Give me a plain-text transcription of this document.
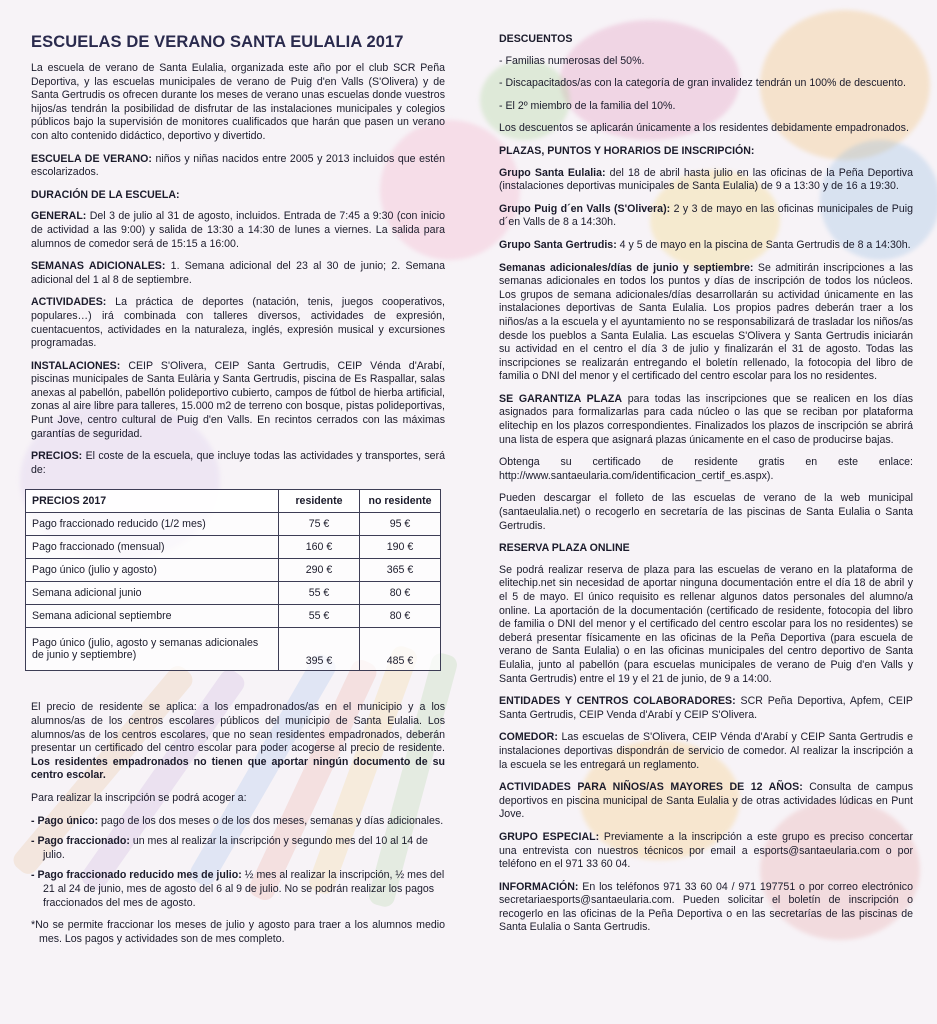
ESCUELAS DE VERANO SANTA EULALIA 2017

La escuela de verano de Santa Eulalia, organizada este año por el club SCR Peña Deportiva, y las escuelas municipales de verano de Puig d'en Valls (S'Olivera) y de Santa Gertrudis os ofrecen durante los meses de verano unas escuelas donde vuestros hijos/as tendrán la posibilidad de disfrutar de las instalaciones municipales y colegios públicos bajo la supervisión de monitores cualificados que harán que pasen un verano con alto contenido didáctico, deportivo y divertido.

ESCUELA DE VERANO: niños y niñas nacidos entre 2005 y 2013 incluidos que estén escolarizados.

DURACIÓN DE LA ESCUELA:

GENERAL: Del 3 de julio al 31 de agosto, incluidos. Entrada de 7:45 a 9:30 (con inicio de actividad a las 9:00) y salida de 13:30 a 14:30 de lunes a viernes. La salida para alumnos de comedor será de 15:15 a 16:00.

SEMANAS ADICIONALES: 1. Semana adicional del 23 al 30 de junio; 2. Semana adicional del 1 al 8 de septiembre.

ACTIVIDADES: La práctica de deportes (natación, tenis, juegos cooperativos, populares…) irá combinada con talleres diversos, actividades de expresión, cuentacuentos, actividades en la naturaleza, inglés, expresión musical y excursiones programadas.

INSTALACIONES: CEIP S'Olivera, CEIP Santa Gertrudis, CEIP Vénda d'Arabí, piscinas municipales de Santa Eulària y Santa Gertrudis, piscina de Es Raspallar, salas anexas al pabellón, pabellón polideportivo cubierto, campos de fútbol de hierba artificial, zonas al aire libre para talleres, 15.000 m2 de terreno con bosque, pistas polideportivas, Punt Jove, centro cultural de Puig d'en Valls. En recintos cerrados con las máximas garantías de seguridad.

PRECIOS: El coste de la escuela, que incluye todas las actividades y transportes, será de:

PRECIOS 2017	residente	no residente
Pago fraccionado reducido (1/2 mes)	75 €	95 €
Pago fraccionado (mensual)	160 €	190 €
Pago único (julio y agosto)	290 €	365 €
Semana adicional junio	55 €	80 €
Semana adicional septiembre	55 €	80 €
Pago único (julio, agosto y semanas adicionales de junio y septiembre)	395 €	485 €

El precio de residente se aplica: a los empadronados/as en el municipio y a los alumnos/as de los centros escolares públicos del municipio de Santa Eulalia. Los alumnos/as de los centros escolares, que no sean residentes empadronados, deberán presentar un certificado del centro escolar para poder acogerse al precio de residente. Los residentes empadronados no tienen que aportar ningún documento de su centro escolar.

Para realizar la inscripción se podrá acoger a:

- Pago único: pago de los dos meses o de los dos meses, semanas y días adicionales.
- Pago fraccionado: un mes al realizar la inscripción y segundo mes del 10 al 14 de julio.
- Pago fraccionado reducido mes de julio: ½ mes al realizar la inscripción, ½ mes del 21 al 24 de junio, mes de agosto del 6 al 9 de julio. No se podrán realizar los pagos fraccionados del mes de agosto.

*No se permite fraccionar los meses de julio y agosto para traer a los alumnos medio mes. Los pagos y actividades son de mes completo.

DESCUENTOS

- Familias numerosas del 50%.

- Discapacitados/as con la categoría de gran invalidez tendrán un 100% de descuento.

- El 2º miembro de la familia del 10%.

Los descuentos se aplicarán únicamente a los residentes debidamente empadronados.

PLAZAS, PUNTOS Y HORARIOS DE INSCRIPCIÓN:

Grupo Santa Eulalia: del 18 de abril hasta julio en las oficinas de la Peña Deportiva (instalaciones deportivas municipales de Santa Eulalia) de 9 a 13:30 y de 16 a 19:30.

Grupo Puig d´en Valls (S'Olivera): 2 y 3 de mayo en las oficinas municipales de Puig d´en Valls de 8 a 14:30h.

Grupo Santa Gertrudis: 4 y 5 de mayo en la piscina de Santa Gertrudis de 8 a 14:30h.

Semanas adicionales/días de junio y septiembre: Se admitirán inscripciones a las semanas adicionales en todos los puntos y días de inscripción de todos los núcleos. Los grupos de semana adicionales/días desarrollarán su actividad únicamente en las instalaciones deportivas de Santa Eulalia. Los propios padres deberán traer a los niños/as a la escuela y el ayuntamiento no se responsabilizará de trasladar los niños/as desde los pueblos a Santa Eulalia. Las escuelas S'Olivera y Santa Gertrudis iniciarán su actividad en el centro el día 3 de julio y finalizarán el 31 de agosto. Todas las inscripciones se realizarán entregando el boletín rellenado, la fotocopia del libro de familia o DNI del menor y el certificado del centro escolar para los no residentes.

SE GARANTIZA PLAZA para todas las inscripciones que se realicen en los días asignados para formalizarlas para cada núcleo o las que se reciban por plataforma elitechip en los plazos correspondientes. Finalizados los plazos de inscripción se abrirá una lista de espera que asignará plazas únicamente en el caso de producirse bajas.

Obtenga su certificado de residente gratis en este enlace: http://www.santaeularia.com/identificacion_certif_es.aspx).

Pueden descargar el folleto de las escuelas de verano de la web municipal (santaeulalia.net) o recogerlo en secretaría de las piscinas de Santa Eulalia o Santa Gertrudis.

RESERVA PLAZA ONLINE

Se podrá realizar reserva de plaza para las escuelas de verano en la plataforma de elitechip.net sin necesidad de aportar ninguna documentación entre el día 18 de abril y el 5 de mayo. El único requisito es rellenar algunos datos personales del alumno/a online. La aportación de la documentación (certificado de residente, fotocopia del libro de familia o DNI del menor y el certificado del centro escolar para los no residentes) se deberá presentar físicamente en las oficinas de la Peña Deportiva (para escuela de verano de Santa Eulalia) o en las oficinas municipales del centro deportivo de Santa Eulalia, junto al pabellón (para escuelas municipales de verano de Puig d'en Valls y Santa Gertrudis) entre el 19 y el 21 de junio, de 9 a 14:00.

ENTIDADES Y CENTROS COLABORADORES: SCR Peña Deportiva, Apfem, CEIP Santa Gertrudis, CEIP Venda d'Arabí y CEIP S'Olivera.

COMEDOR: Las escuelas de S'Olivera, CEIP Vénda d'Arabí y CEIP Santa Gertrudis e instalaciones deportivas dispondrán de servicio de comedor. Al realizar la inscripción a la escuela se les entregará un reglamento.

ACTIVIDADES PARA NIÑOS/AS MAYORES DE 12 AÑOS: Consulta de campus deportivos en piscina municipal de Santa Eulalia y de otras actividades lúdicas en Punt Jove.

GRUPO ESPECIAL: Previamente a la inscripción a este grupo es preciso concertar una entrevista con nuestros técnicos por email a esports@santaeularia.com o por teléfono en el 971 33 60 04.

INFORMACIÓN: En los teléfonos 971 33 60 04 / 971 197751 o por correo electrónico secretariaesports@santaeularia.com. Pueden solicitar el boletín de inscripción o recogerlo en las oficinas de la Peña Deportiva o en las secretarías de las piscinas de Santa Eulalia o Santa Gertrudis.
